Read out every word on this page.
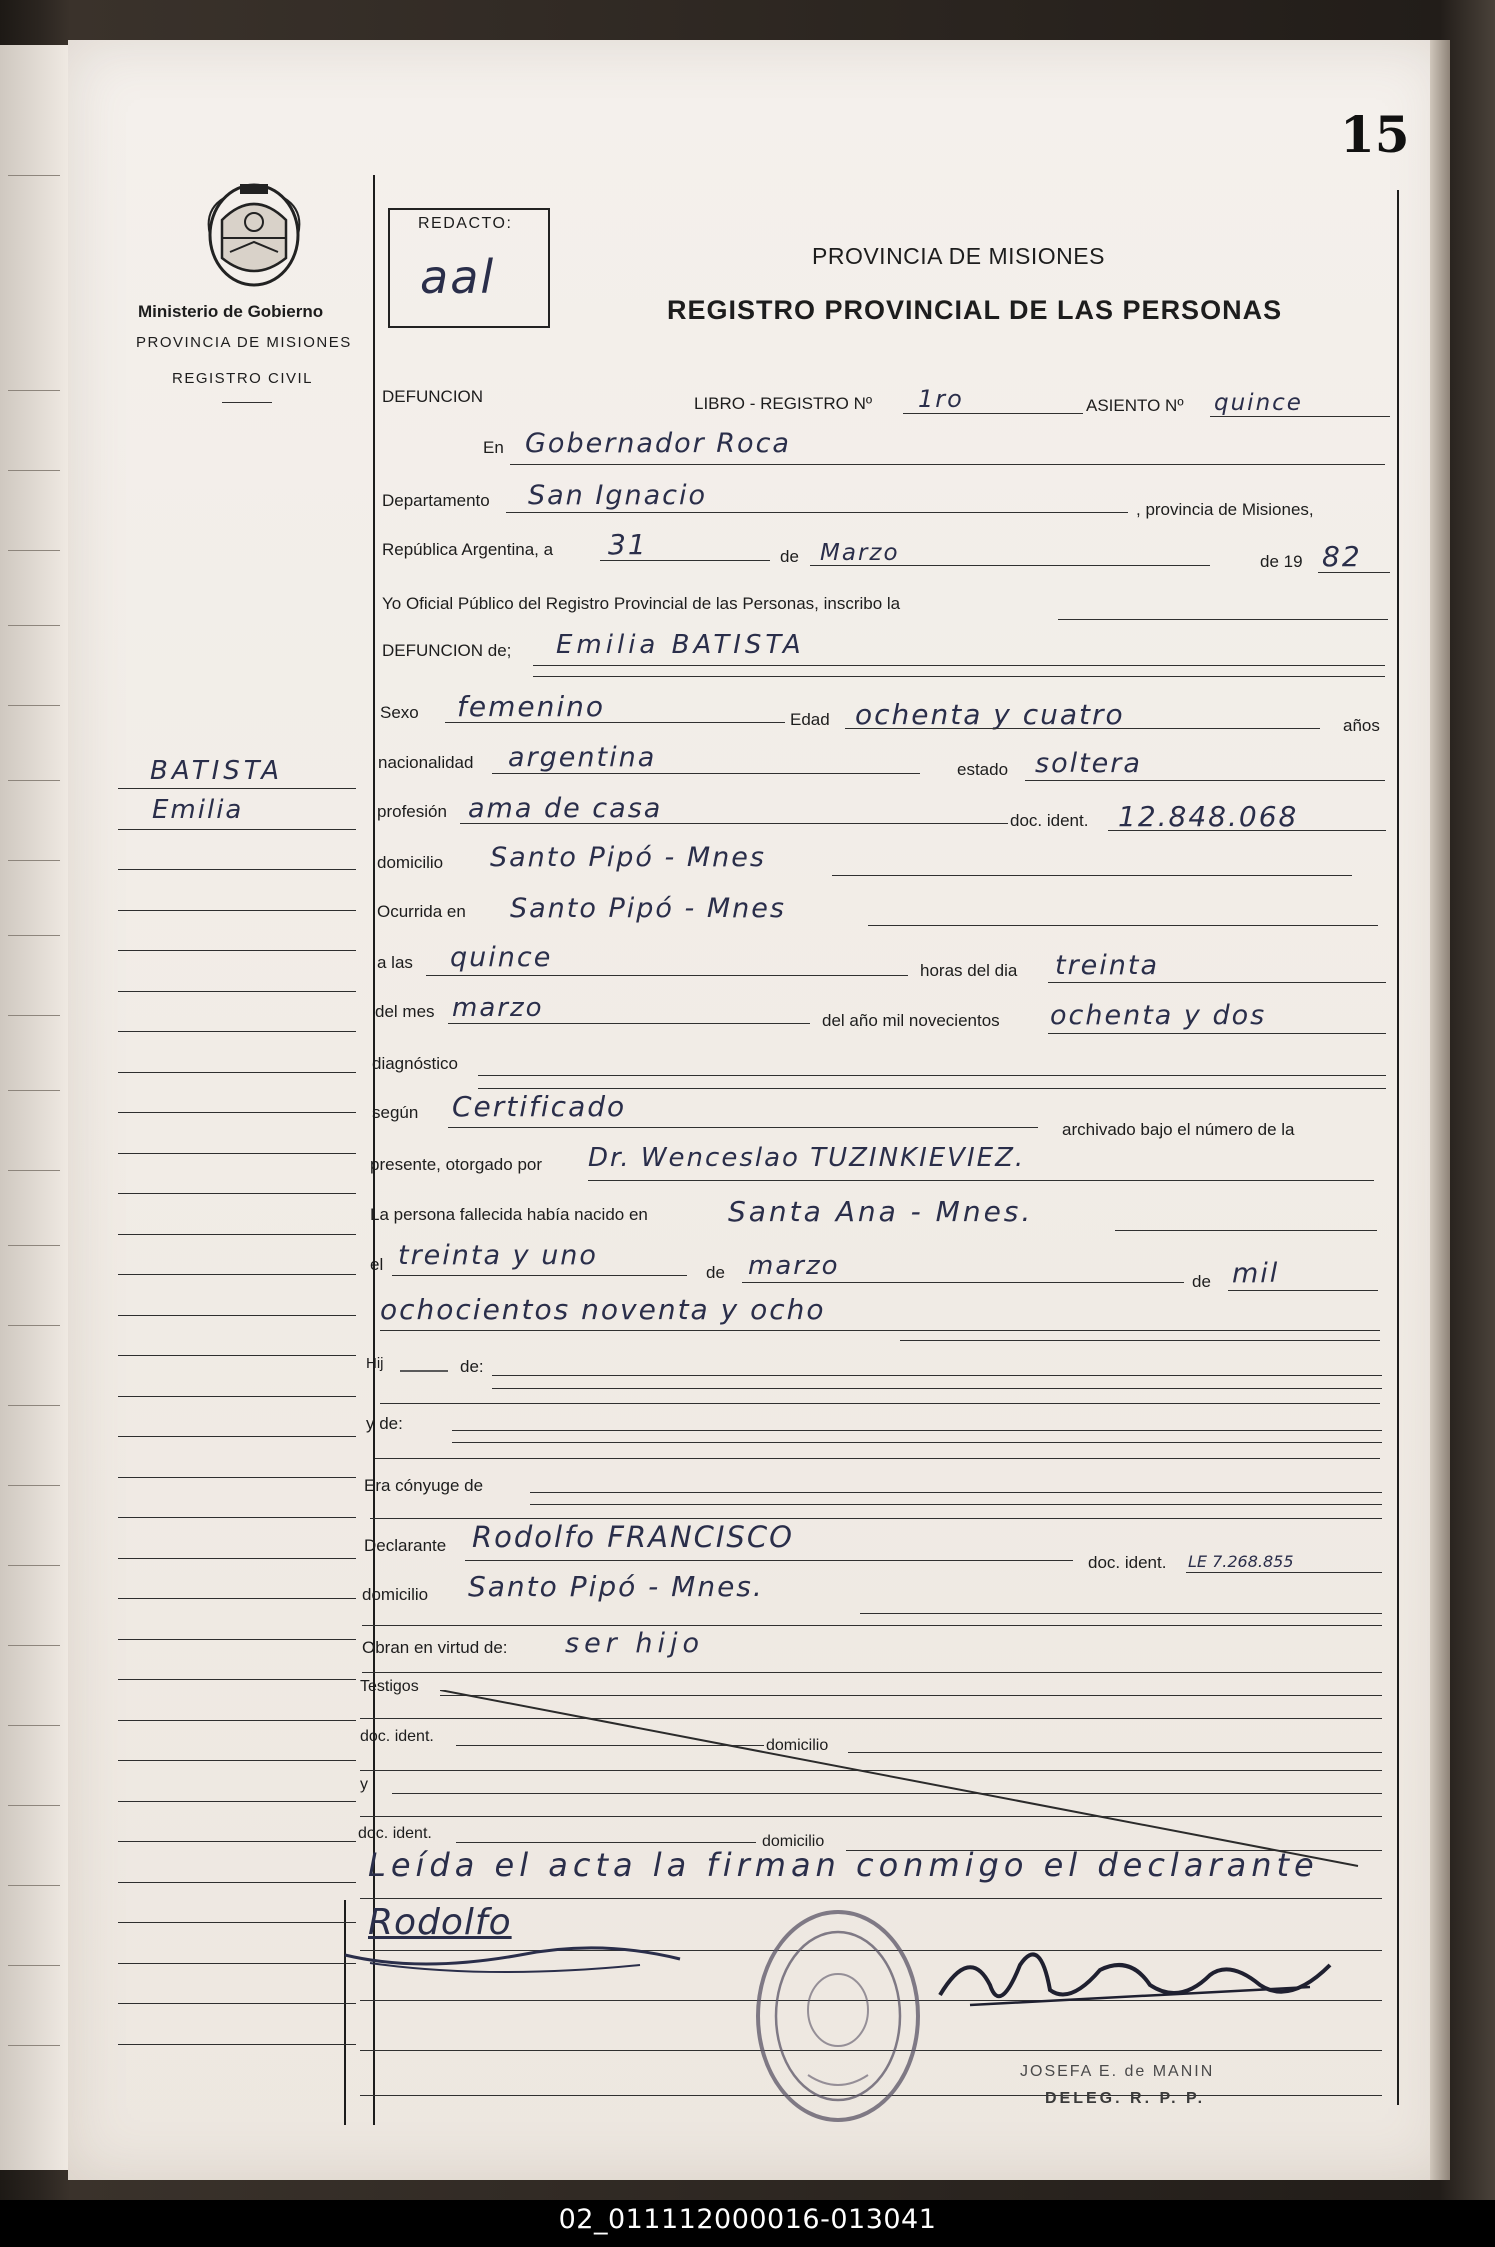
15
Ministerio de Gobierno
PROVINCIA DE MISIONES
REGISTRO CIVIL
REDACTO:
aal	PROVINCIA DE MISIONES
REGISTRO PROVINCIAL DE LAS PERSONAS
BATISTA
Emilia
DEFUNCION	LIBRO - REGISTRO Nº 1ro	ASIENTO Nº quince
En Gobernador Roca
Departamento San Ignacio	, provincia de Misiones,
República Argentina, a 31	de Marzo	de 19 82
Yo Oficial Público del Registro Provincial de las Personas, inscribo la
DEFUNCION de; Emilia BATISTA
Sexo femenino	Edad ochenta y cuatro	años
nacionalidad argentina	estado soltera
profesión ama de casa	doc. ident. 12.848.068
domicilio Santo Pipó - Mnes
Ocurrida en Santo Pipó - Mnes
a las quince	horas del dia treinta
del mes marzo	del año mil novecientos ochenta y dos
diagnóstico
según Certificado
archivado bajo el número de la
presente, otorgado por Dr. Wenceslao TUZINKIEVIEZ.
La persona fallecida había nacido en	Santa Ana - Mnes.
el treinta y uno
de marzo
de mil
ochocientos noventa y ocho
Hij	de:
y de:
Era cónyuge de
Declarante Rodolfo FRANCISCO
doc. ident. LE 7.268.855
domicilio Santo Pipó - Mnes.
Obran en virtud de: ser hijo
Testigos
doc. ident.
domicilio
y
doc. ident.	domicilio
Leída el acta la firman conmigo el declarante
Rodolfo
JOSEFA E. de MANIN
DELEG. R. P. P.
02_011112000016-013041
